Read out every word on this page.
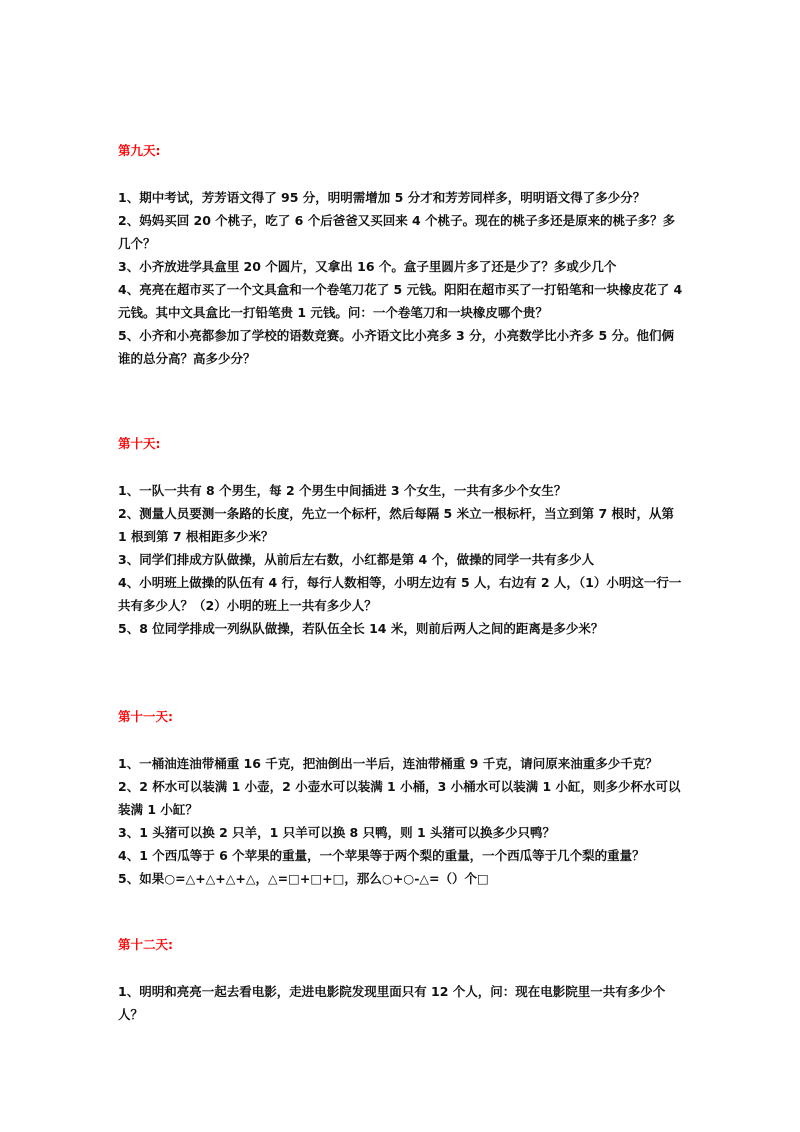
第九天:

1、期中考试，芳芳语文得了 95 分，明明需增加 5 分才和芳芳同样多，明明语文得了多少分？

2、妈妈买回 20 个桃子，吃了 6 个后爸爸又买回来 4 个桃子。现在的桃子多还是原来的桃子多？多几个？

3、小齐放进学具盒里 20 个圆片，又拿出 16 个。盒子里圆片多了还是少了？多或少几个

4、亮亮在超市买了一个文具盒和一个卷笔刀花了 5 元钱。阳阳在超市买了一打铅笔和一块橡皮花了 4 元钱。其中文具盒比一打铅笔贵 1 元钱。问：一个卷笔刀和一块橡皮哪个贵？

5、小齐和小亮都参加了学校的语数竞赛。小齐语文比小亮多 3 分，小亮数学比小齐多 5 分。他们俩谁的总分高？高多少分？

第十天:

1、一队一共有 8 个男生，每 2 个男生中间插进 3 个女生，一共有多少个女生？

2、测量人员要测一条路的长度，先立一个标杆，然后每隔 5 米立一根标杆，当立到第 7 根时，从第 1 根到第 7 根相距多少米？

3、同学们排成方队做操，从前后左右数，小红都是第 4 个，做操的同学一共有多少人

4、小明班上做操的队伍有 4 行，每行人数相等，小明左边有 5 人，右边有 2 人，（1）小明这一行一共有多少人？（2）小明的班上一共有多少人？

5、8 位同学排成一列纵队做操，若队伍全长 14 米，则前后两人之间的距离是多少米？

第十一天:

1、一桶油连油带桶重 16 千克，把油倒出一半后，连油带桶重 9 千克，请问原来油重多少千克？

2、2 杯水可以装满 1 小壶，2 小壶水可以装满 1 小桶，3 小桶水可以装满 1 小缸，则多少杯水可以装满 1 小缸？

3、1 头猪可以换 2 只羊，1 只羊可以换 8 只鸭，则 1 头猪可以换多少只鸭？

4、1 个西瓜等于 6 个苹果的重量，一个苹果等于两个梨的重量，一个西瓜等于几个梨的重量？

5、如果○=△+△+△+△，△=□+□+□，那么○+○-△=（）个□

第十二天:

1、明明和亮亮一起去看电影，走进电影院发现里面只有 12 个人，问：现在电影院里一共有多少个人？
